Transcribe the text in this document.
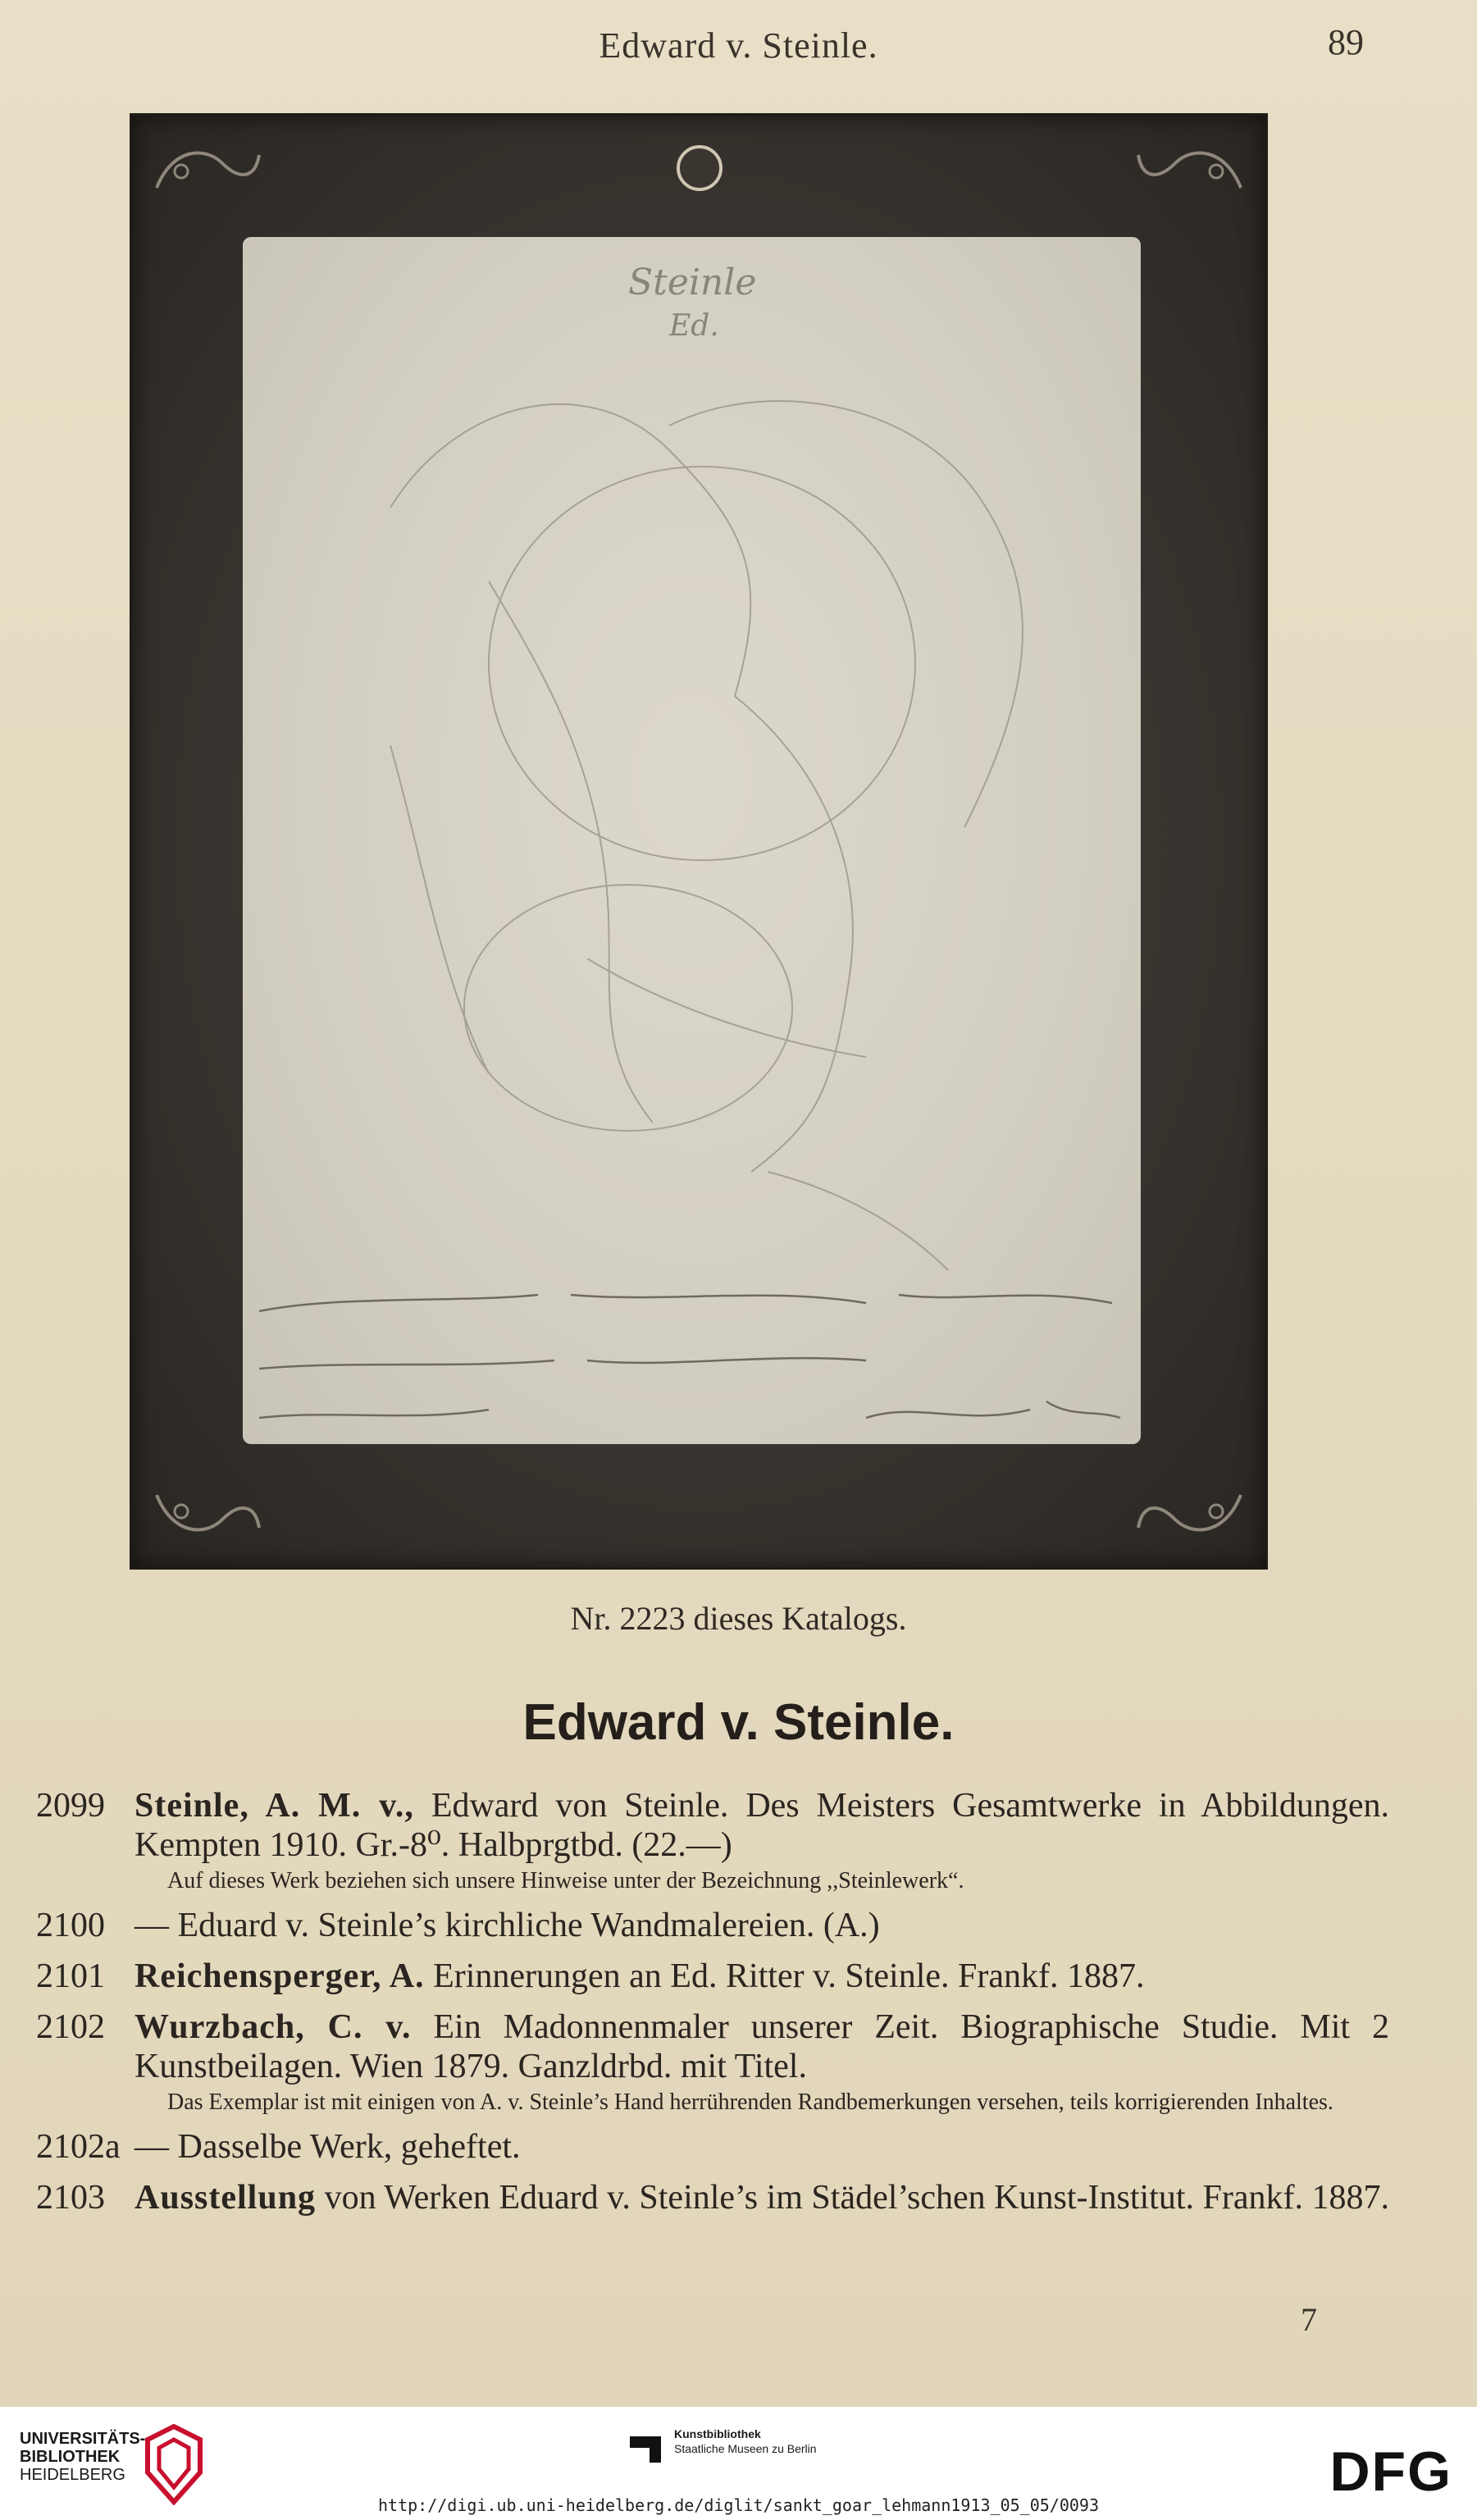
Edward v. Steinle.	89
Steinle
Ed.
Nr. 2223 dieses Katalogs.
Edward v. Steinle.
2099 Steinle, A. M. v., Edward von Steinle. Des Meisters Gesamtwerke in Abbildungen. Kempten 1910. Gr.-8⁰. Halbprgtbd. (22.—)
Auf dieses Werk beziehen sich unsere Hinweise unter der Bezeichnung ,,Steinlewerk“.
2100 — Eduard v. Steinle’s kirchliche Wandmalereien. (A.)
2101 Reichensperger, A. Erinnerungen an Ed. Ritter v. Steinle. Frankf. 1887.
2102 Wurzbach, C. v. Ein Madonnenmaler unserer Zeit. Biographische Studie. Mit 2 Kunstbeilagen. Wien 1879. Ganzldrbd. mit Titel.
Das Exemplar ist mit einigen von A. v. Steinle’s Hand herrührenden Randbemerkungen versehen, teils korrigierenden Inhaltes.
2102a — Dasselbe Werk, geheftet.
2103 Ausstellung von Werken Eduard v. Steinle’s im Städel’schen Kunst-Institut. Frankf. 1887.
7
UNIVERSITÄTS-
BIBLIOTHEK
HEIDELBERG
Kunstbibliothek
Staatliche Museen zu Berlin	DFG
http://digi.ub.uni-heidelberg.de/diglit/sankt_goar_lehmann1913_05_05/0093
